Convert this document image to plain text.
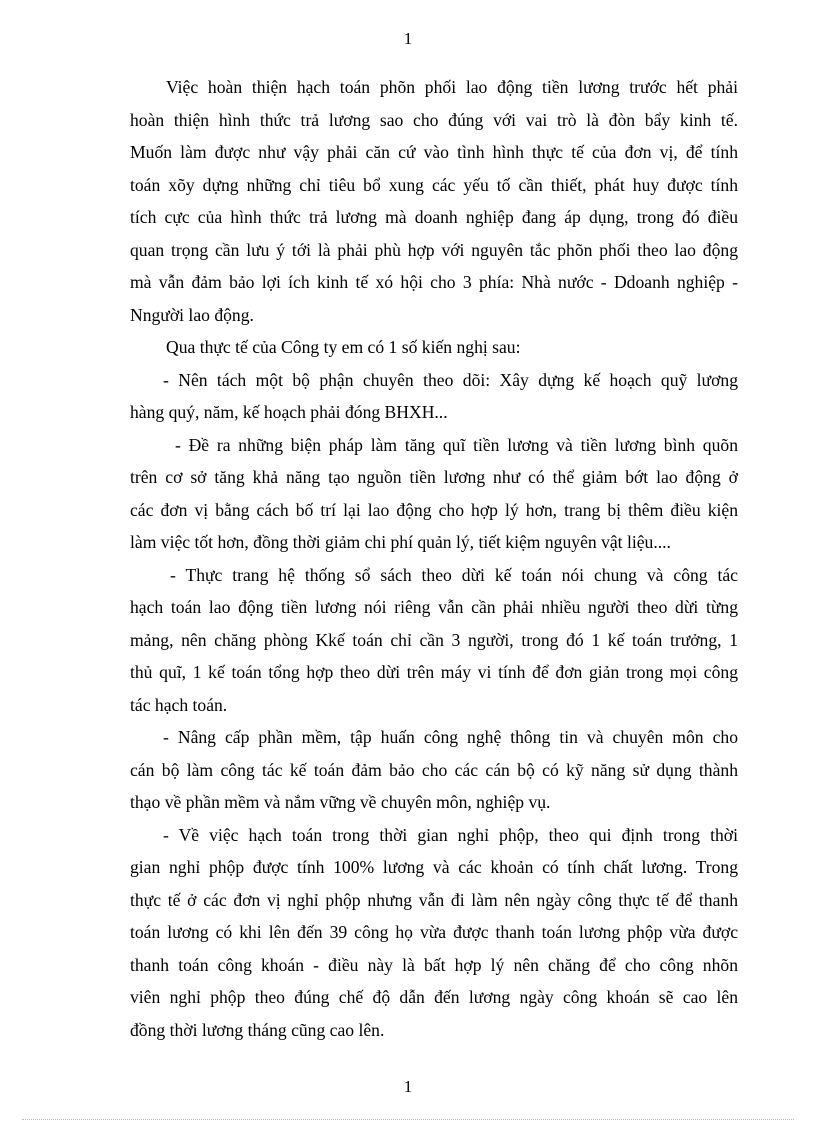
1
Việc hoàn thiện hạch toán phõn phối lao động tiền lương trước hết phải
hoàn thiện hình thức trả lương sao cho đúng với vai trò là đòn bẩy kinh tế.
Muốn làm được như vậy phải căn cứ vào tình hình thực tế của đơn vị, để tính
toán xõy dựng những chỉ tiêu bổ xung các yếu tố cần thiết, phát huy được tính
tích cực của hình thức trả lương mà doanh nghiệp đang áp dụng, trong đó điều
quan trọng cần lưu ý tới là phải phù hợp với nguyên tắc phõn phối theo lao động
mà vẫn đảm bảo lợi ích kinh tế xó hội cho 3 phía: Nhà nước - Ddoanh nghiệp -
Nngười lao động.
Qua thực tế của Công ty em có 1 số kiến nghị sau:
- Nên tách một bộ phận chuyên theo dõi: Xây dựng kế hoạch quỹ lương
hàng quý, năm, kế hoạch phải đóng BHXH...
- Đề ra những biện pháp làm tăng quĩ tiền lương và tiền lương bình quõn
trên cơ sở tăng khả năng tạo nguồn tiền lương như có thể giảm bớt lao động ở
các đơn vị bằng cách bố trí lại lao động cho hợp lý hơn, trang bị thêm điều kiện
làm việc tốt hơn, đồng thời giảm chi phí quản lý, tiết kiệm nguyên vật liệu....
- Thực trang hệ thống sổ sách theo dừi kế toán nói chung và công tác
hạch toán lao động tiền lương nói riêng vẫn cần phải nhiều người theo dừi từng
mảng, nên chăng phòng Kkế toán chỉ cần 3 người, trong đó 1 kế toán trưởng, 1
thủ quĩ, 1 kế toán tổng hợp theo dừi trên máy vi tính để đơn giản trong mọi công
tác hạch toán.
- Nâng cấp phần mềm, tập huấn công nghệ thông tin và chuyên môn cho
cán bộ làm công tác kế toán đảm bảo cho các cán bộ có kỹ năng sử dụng thành
thạo về phần mềm và nắm vững về chuyên môn, nghiệp vụ.
- Về việc hạch toán trong thời gian nghỉ phộp, theo qui định trong thời
gian nghỉ phộp được tính 100% lương và các khoản có tính chất lương. Trong
thực tế ở các đơn vị nghỉ phộp nhưng vẫn đi làm nên ngày công thực tế để thanh
toán lương có khi lên đến 39 công họ vừa được thanh toán lương phộp vừa được
thanh toán công khoán - điều này là bất hợp lý nên chăng để cho công nhõn
viên nghỉ phộp theo đúng chế độ dẫn đến lương ngày công khoán sẽ cao lên
đồng thời lương tháng cũng cao lên.
1
